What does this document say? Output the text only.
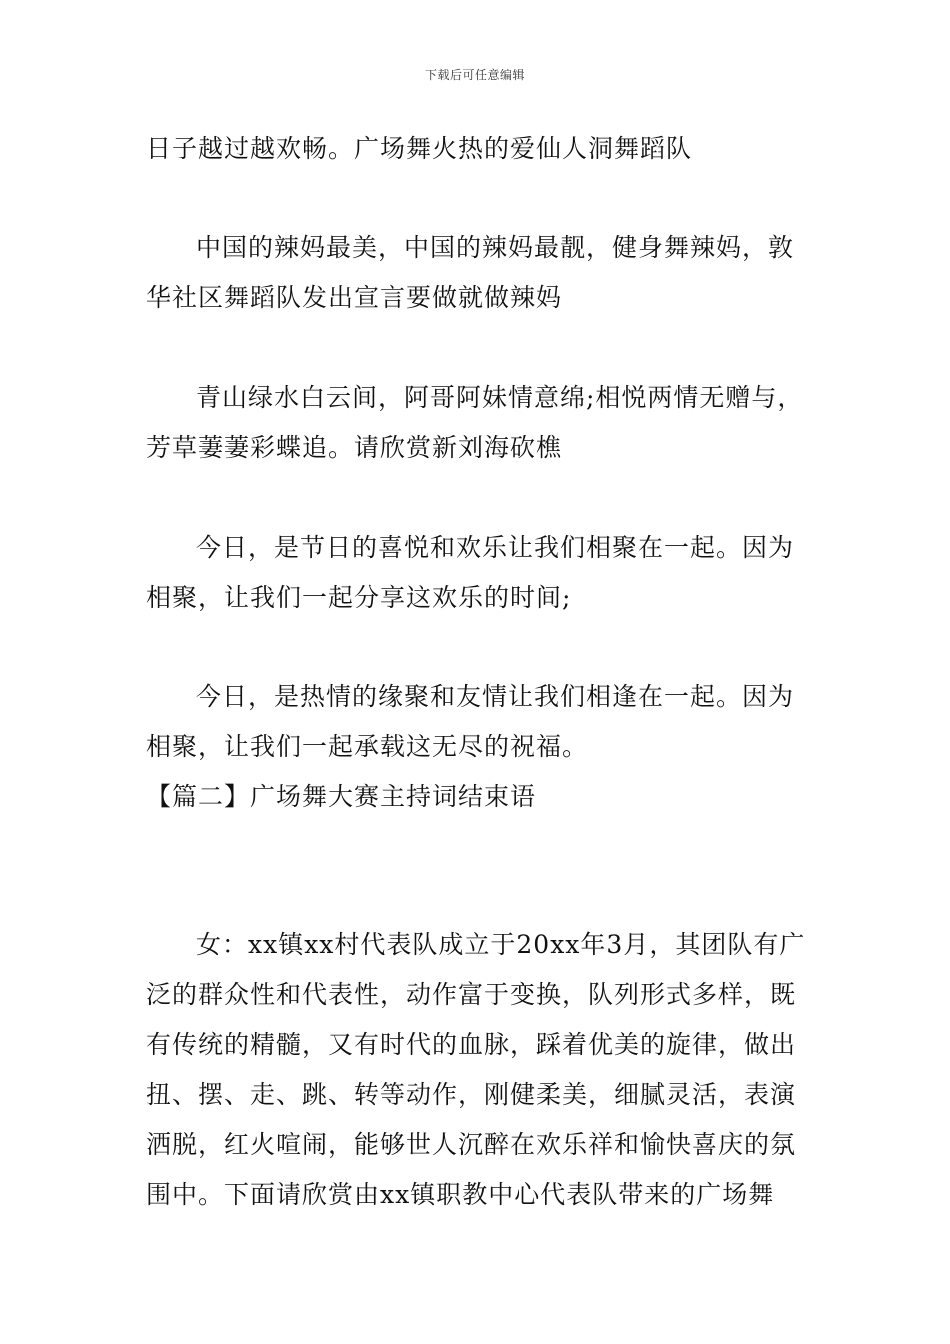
下载后可任意编辑

日子越过越欢畅。广场舞火热的爱仙人洞舞蹈队

中国的辣妈最美，中国的辣妈最靓，健身舞辣妈，敦华社区舞蹈队发出宣言要做就做辣妈

青山绿水白云间，阿哥阿妹情意绵;相悦两情无赠与，芳草萋萋彩蝶追。请欣赏新刘海砍樵

今日，是节日的喜悦和欢乐让我们相聚在一起。因为相聚，让我们一起分享这欢乐的时间;

今日，是热情的缘聚和友情让我们相逢在一起。因为相聚，让我们一起承载这无尽的祝福。

【篇二】广场舞大赛主持词结束语

女：xx镇xx村代表队成立于20xx年3月，其团队有广泛的群众性和代表性，动作富于变换，队列形式多样，既有传统的精髓，又有时代的血脉，踩着优美的旋律，做出扭、摆、走、跳、转等动作，刚健柔美，细腻灵活，表演洒脱，红火喧闹，能够世人沉醉在欢乐祥和愉快喜庆的氛围中。下面请欣赏由xx镇职教中心代表队带来的广场舞
